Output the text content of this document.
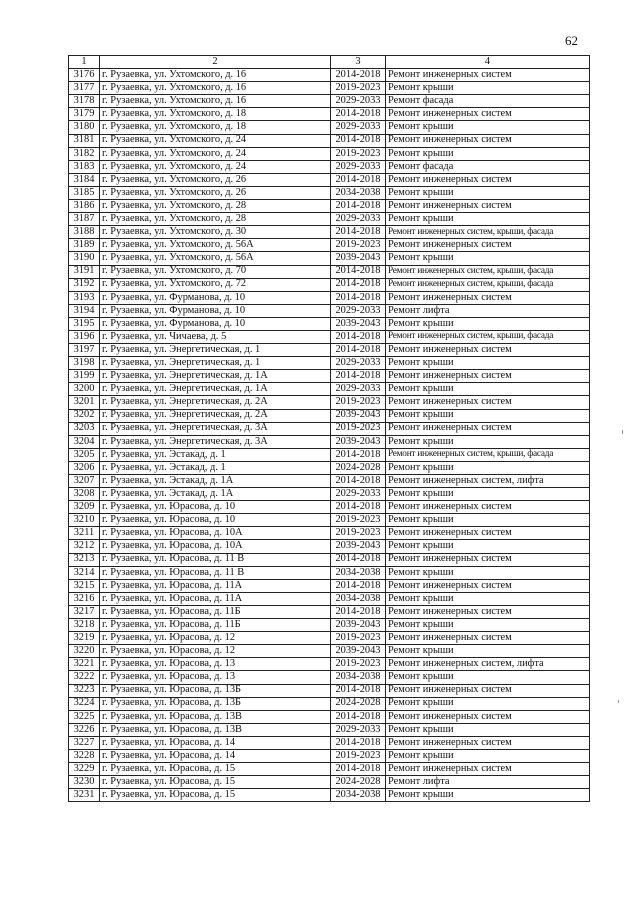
62
1	2	3	4
3176	г. Рузаевка, ул. Ухтомского, д. 16	2014-2018	Ремонт инженерных систем
3177	г. Рузаевка, ул. Ухтомского, д. 16	2019-2023	Ремонт крыши
3178	г. Рузаевка, ул. Ухтомского, д. 16	2029-2033	Ремонт фасада
3179	г. Рузаевка, ул. Ухтомского, д. 18	2014-2018	Ремонт инженерных систем
3180	г. Рузаевка, ул. Ухтомского, д. 18	2029-2033	Ремонт крыши
3181	г. Рузаевка, ул. Ухтомского, д. 24	2014-2018	Ремонт инженерных систем
3182	г. Рузаевка, ул. Ухтомского, д. 24	2019-2023	Ремонт крыши
3183	г. Рузаевка, ул. Ухтомского, д. 24	2029-2033	Ремонт фасада
3184	г. Рузаевка, ул. Ухтомского, д. 26	2014-2018	Ремонт инженерных систем
3185	г. Рузаевка, ул. Ухтомского, д. 26	2034-2038	Ремонт крыши
3186	г. Рузаевка, ул. Ухтомского, д. 28	2014-2018	Ремонт инженерных систем
3187	г. Рузаевка, ул. Ухтомского, д. 28	2029-2033	Ремонт крыши
3188	г. Рузаевка, ул. Ухтомского, д. 30	2014-2018	Ремонт инженерных систем, крыши, фасада
3189	г. Рузаевка, ул. Ухтомского, д. 56А	2019-2023	Ремонт инженерных систем
3190	г. Рузаевка, ул. Ухтомского, д. 56А	2039-2043	Ремонт крыши
3191	г. Рузаевка, ул. Ухтомского, д. 70	2014-2018	Ремонт инженерных систем, крыши, фасада
3192	г. Рузаевка, ул. Ухтомского, д. 72	2014-2018	Ремонт инженерных систем, крыши, фасада
3193	г. Рузаевка, ул. Фурманова, д. 10	2014-2018	Ремонт инженерных систем
3194	г. Рузаевка, ул. Фурманова, д. 10	2029-2033	Ремонт лифта
3195	г. Рузаевка, ул. Фурманова, д. 10	2039-2043	Ремонт крыши
3196	г. Рузаевка, ул. Чичаева, д. 5	2014-2018	Ремонт инженерных систем, крыши, фасада
3197	г. Рузаевка, ул. Энергетическая, д. 1	2014-2018	Ремонт инженерных систем
3198	г. Рузаевка, ул. Энергетическая, д. 1	2029-2033	Ремонт крыши
3199	г. Рузаевка, ул. Энергетическая, д. 1А	2014-2018	Ремонт инженерных систем
3200	г. Рузаевка, ул. Энергетическая, д. 1А	2029-2033	Ремонт крыши
3201	г. Рузаевка, ул. Энергетическая, д. 2А	2019-2023	Ремонт инженерных систем
3202	г. Рузаевка, ул. Энергетическая, д. 2А	2039-2043	Ремонт крыши
3203	г. Рузаевка, ул. Энергетическая, д. 3А	2019-2023	Ремонт инженерных систем
3204	г. Рузаевка, ул. Энергетическая, д. 3А	2039-2043	Ремонт крыши
3205	г. Рузаевка, ул. Эстакад, д. 1	2014-2018	Ремонт инженерных систем, крыши, фасада
3206	г. Рузаевка, ул. Эстакад, д. 1	2024-2028	Ремонт крыши
3207	г. Рузаевка, ул. Эстакад, д. 1А	2014-2018	Ремонт инженерных систем, лифта
3208	г. Рузаевка, ул. Эстакад, д. 1А	2029-2033	Ремонт крыши
3209	г. Рузаевка, ул. Юрасова, д. 10	2014-2018	Ремонт инженерных систем
3210	г. Рузаевка, ул. Юрасова, д. 10	2019-2023	Ремонт крыши
3211	г. Рузаевка, ул. Юрасова, д. 10А	2019-2023	Ремонт инженерных систем
3212	г. Рузаевка, ул. Юрасова, д. 10А	2039-2043	Ремонт крыши
3213	г. Рузаевка, ул. Юрасова, д. 11 В	2014-2018	Ремонт инженерных систем
3214	г. Рузаевка, ул. Юрасова, д. 11 В	2034-2038	Ремонт крыши
3215	г. Рузаевка, ул. Юрасова, д. 11А	2014-2018	Ремонт инженерных систем
3216	г. Рузаевка, ул. Юрасова, д. 11А	2034-2038	Ремонт крыши
3217	г. Рузаевка, ул. Юрасова, д. 11Б	2014-2018	Ремонт инженерных систем
3218	г. Рузаевка, ул. Юрасова, д. 11Б	2039-2043	Ремонт крыши
3219	г. Рузаевка, ул. Юрасова, д. 12	2019-2023	Ремонт инженерных систем
3220	г. Рузаевка, ул. Юрасова, д. 12	2039-2043	Ремонт крыши
3221	г. Рузаевка, ул. Юрасова, д. 13	2019-2023	Ремонт инженерных систем, лифта
3222	г. Рузаевка, ул. Юрасова, д. 13	2034-2038	Ремонт крыши
3223	г. Рузаевка, ул. Юрасова, д. 13Б	2014-2018	Ремонт инженерных систем
3224	г. Рузаевка, ул. Юрасова, д. 13Б	2024-2028	Ремонт крыши
3225	г. Рузаевка, ул. Юрасова, д. 13В	2014-2018	Ремонт инженерных систем
3226	г. Рузаевка, ул. Юрасова, д. 13В	2029-2033	Ремонт крыши
3227	г. Рузаевка, ул. Юрасова, д. 14	2014-2018	Ремонт инженерных систем
3228	г. Рузаевка, ул. Юрасова, д. 14	2019-2023	Ремонт крыши
3229	г. Рузаевка, ул. Юрасова, д. 15	2014-2018	Ремонт инженерных систем
3230	г. Рузаевка, ул. Юрасова, д. 15	2024-2028	Ремонт лифта
3231	г. Рузаевка, ул. Юрасова, д. 15	2034-2038	Ремонт крыши
